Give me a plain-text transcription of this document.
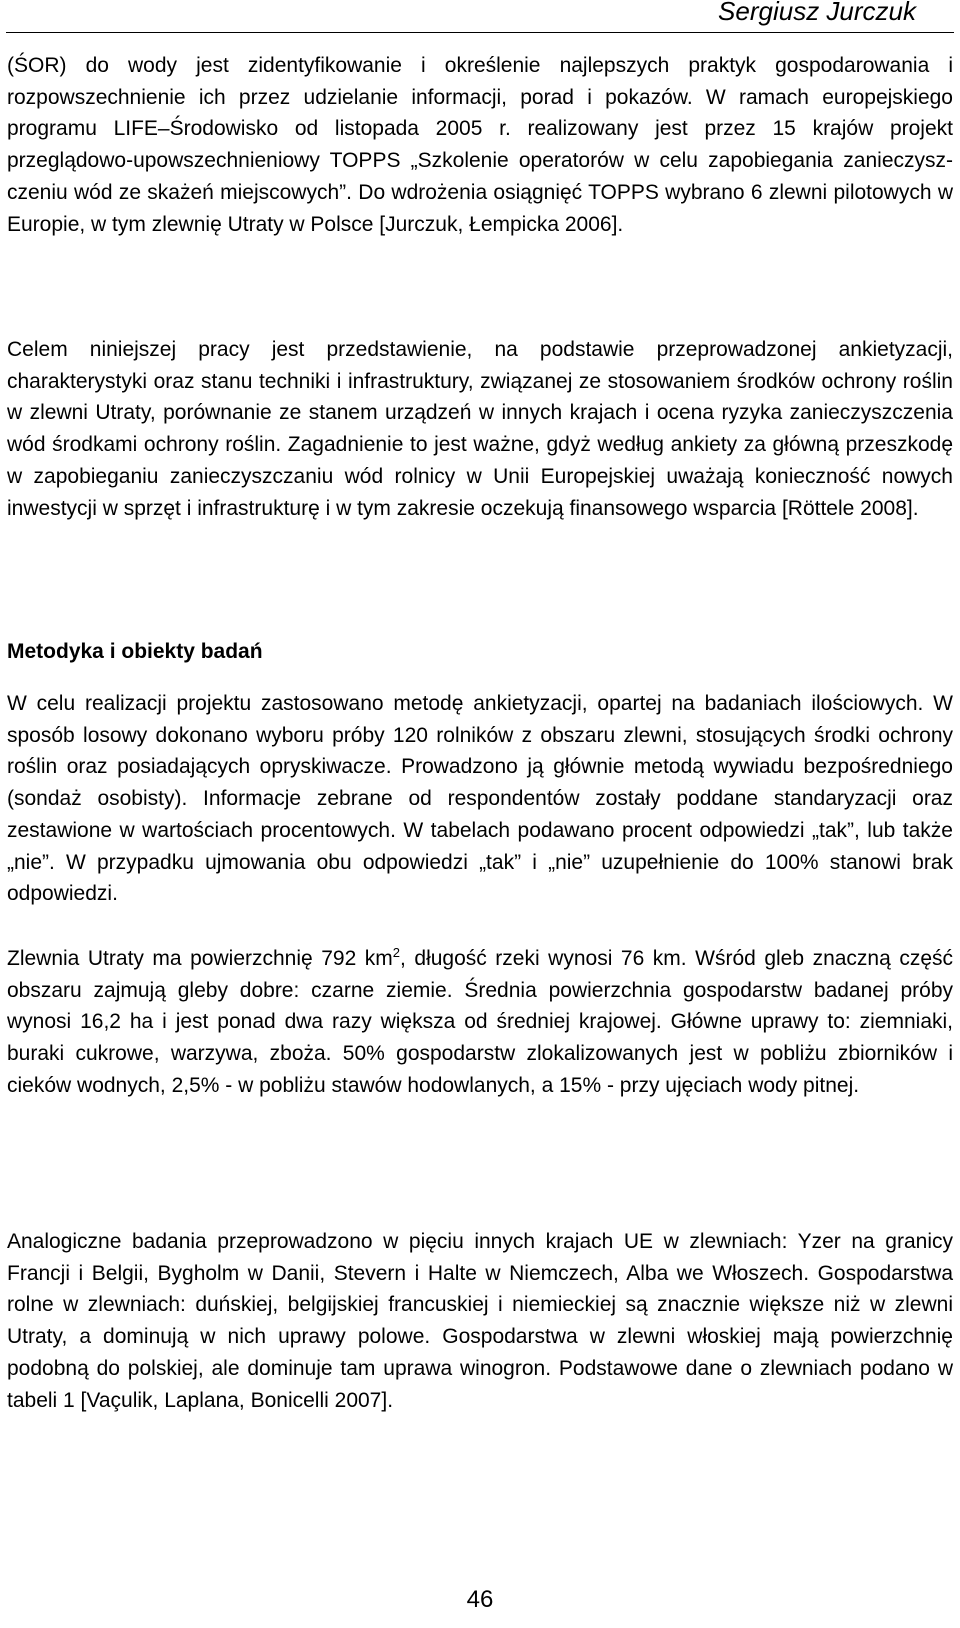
Sergiusz Jurczuk

(ŚOR) do wody jest zidentyfikowanie i określenie najlepszych praktyk gospodarowania i rozpowszechnienie ich przez udzielanie informacji, porad i pokazów. W ramach europejskiego programu LIFE–Środowisko od listopada 2005 r. realizowany jest przez 15 krajów projekt przeglądowo-upowszechnieniowy TOPPS „Szkolenie operatorów w celu zapobiegania zanieczyszczeniu wód ze skażeń miejscowych”. Do wdrożenia osiągnięć TOPPS wybrano 6 zlewni pilotowych w Europie, w tym zlewnię Utraty w Polsce [Jurczuk, Łempicka 2006].

Celem niniejszej pracy jest przedstawienie, na podstawie przeprowadzonej ankietyzacji, charakterystyki oraz stanu techniki i infrastruktury, związanej ze stosowaniem środków ochrony roślin w zlewni Utraty, porównanie ze stanem urządzeń w innych krajach i ocena ryzyka zanieczyszczenia wód środkami ochrony roślin. Zagadnienie to jest ważne, gdyż według ankiety za główną przeszkodę w zapobieganiu zanieczyszczaniu wód rolnicy w Unii Europejskiej uważają konieczność nowych inwestycji w sprzęt i infrastrukturę i w tym zakresie oczekują finansowego wsparcia [Röttele 2008].

Metodyka i obiekty badań

W celu realizacji projektu zastosowano metodę ankietyzacji, opartej na badaniach ilościowych. W sposób losowy dokonano wyboru próby 120 rolników z obszaru zlewni, stosujących środki ochrony roślin oraz posiadających opryskiwacze. Prowadzono ją głównie metodą wywiadu bezpośredniego (sondaż osobisty). Informacje zebrane od respondentów zostały poddane standaryzacji oraz zestawione w wartościach procentowych. W tabelach podawano procent odpowiedzi „tak”, lub także „nie”. W przypadku ujmowania obu odpowiedzi „tak” i „nie” uzupełnienie do 100% stanowi brak odpowiedzi.

Zlewnia Utraty ma powierzchnię 792 $km^2$, długość rzeki wynosi 76 km. Wśród gleb znaczną część obszaru zajmują gleby dobre: czarne ziemie. Średnia powierzchnia gospodarstw badanej próby wynosi 16,2 ha i jest ponad dwa razy większa od średniej krajowej. Główne uprawy to: ziemniaki, buraki cukrowe, warzywa, zboża. 50% gospodarstw zlokalizowanych jest w pobliżu zbiorników i cieków wodnych, 2,5% - w pobliżu stawów hodowlanych, a 15% - przy ujęciach wody pitnej.

Analogiczne badania przeprowadzono w pięciu innych krajach UE w zlewniach: Yzer na granicy Francji i Belgii, Bygholm w Danii, Stevern i Halte w Niemczech, Alba we Włoszech. Gospodarstwa rolne w zlewniach: duńskiej, belgijskiej francuskiej i niemieckiej są znacznie większe niż w zlewni Utraty, a dominują w nich uprawy polowe. Gospodarstwa w zlewni włoskiej mają powierzchnię podobną do polskiej, ale dominuje tam uprawa winogron. Podstawowe dane o zlewniach podano w tabeli 1 [Vaçulik, Laplana, Bonicelli 2007].

46
